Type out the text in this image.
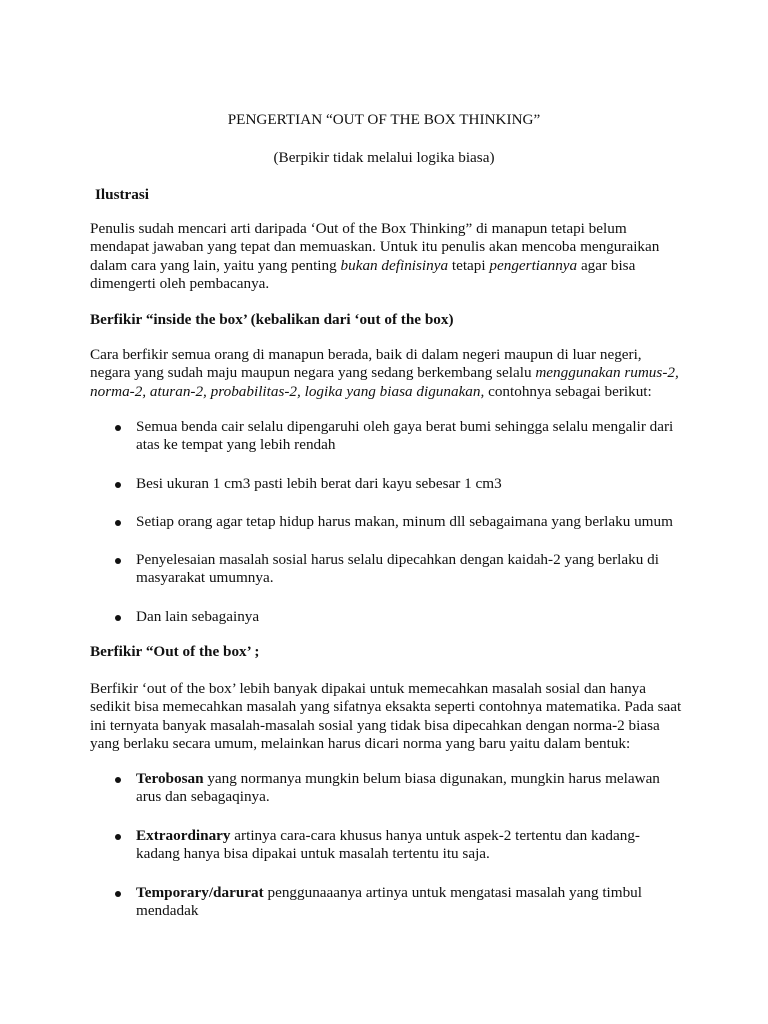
PENGERTIAN “OUT OF THE BOX THINKING”
(Berpikir tidak melalui logika biasa)
Ilustrasi

Penulis sudah mencari arti daripada ‘Out of the Box Thinking” di manapun tetapi belum

mendapat jawaban yang tepat dan memuaskan. Untuk itu penulis akan mencoba menguraikan

dalam cara yang lain, yaitu yang penting bukan definisinya tetapi pengertiannya agar bisa

dimengerti oleh pembacanya.

Berfikir “inside the box’ (kebalikan dari ‘out of the box)

Cara berfikir semua orang di manapun berada, baik di dalam negeri maupun di luar negeri,

negara yang sudah maju maupun negara yang sedang berkembang selalu menggunakan rumus-2,

norma-2, aturan-2, probabilitas-2, logika yang biasa digunakan, contohnya sebagai berikut:

Semua benda cair selalu dipengaruhi oleh gaya berat bumi sehingga selalu mengalir dari

atas ke tempat yang lebih rendah

Besi ukuran 1 cm3 pasti lebih berat dari kayu sebesar 1 cm3

Setiap orang agar tetap hidup harus makan, minum dll sebagaimana yang berlaku umum

Penyelesaian masalah sosial harus selalu dipecahkan dengan kaidah-2 yang berlaku di

masyarakat umumnya.

Dan lain sebagainya

Berfikir “Out of the box’ ;

Berfikir ‘out of the box’ lebih banyak dipakai untuk memecahkan masalah sosial dan hanya

sedikit bisa memecahkan masalah yang sifatnya eksakta seperti contohnya matematika. Pada saat

ini ternyata banyak masalah-masalah sosial yang tidak bisa dipecahkan dengan norma-2 biasa

yang berlaku secara umum, melainkan harus dicari norma yang baru yaitu dalam bentuk:

Terobosan yang normanya mungkin belum biasa digunakan, mungkin harus melawan

arus dan sebagaqinya.

Extraordinary artinya cara-cara khusus hanya untuk aspek-2 tertentu dan kadang-

kadang hanya bisa dipakai untuk masalah tertentu itu saja.

Temporary/darurat penggunaaanya artinya untuk mengatasi masalah yang timbul

mendadak
